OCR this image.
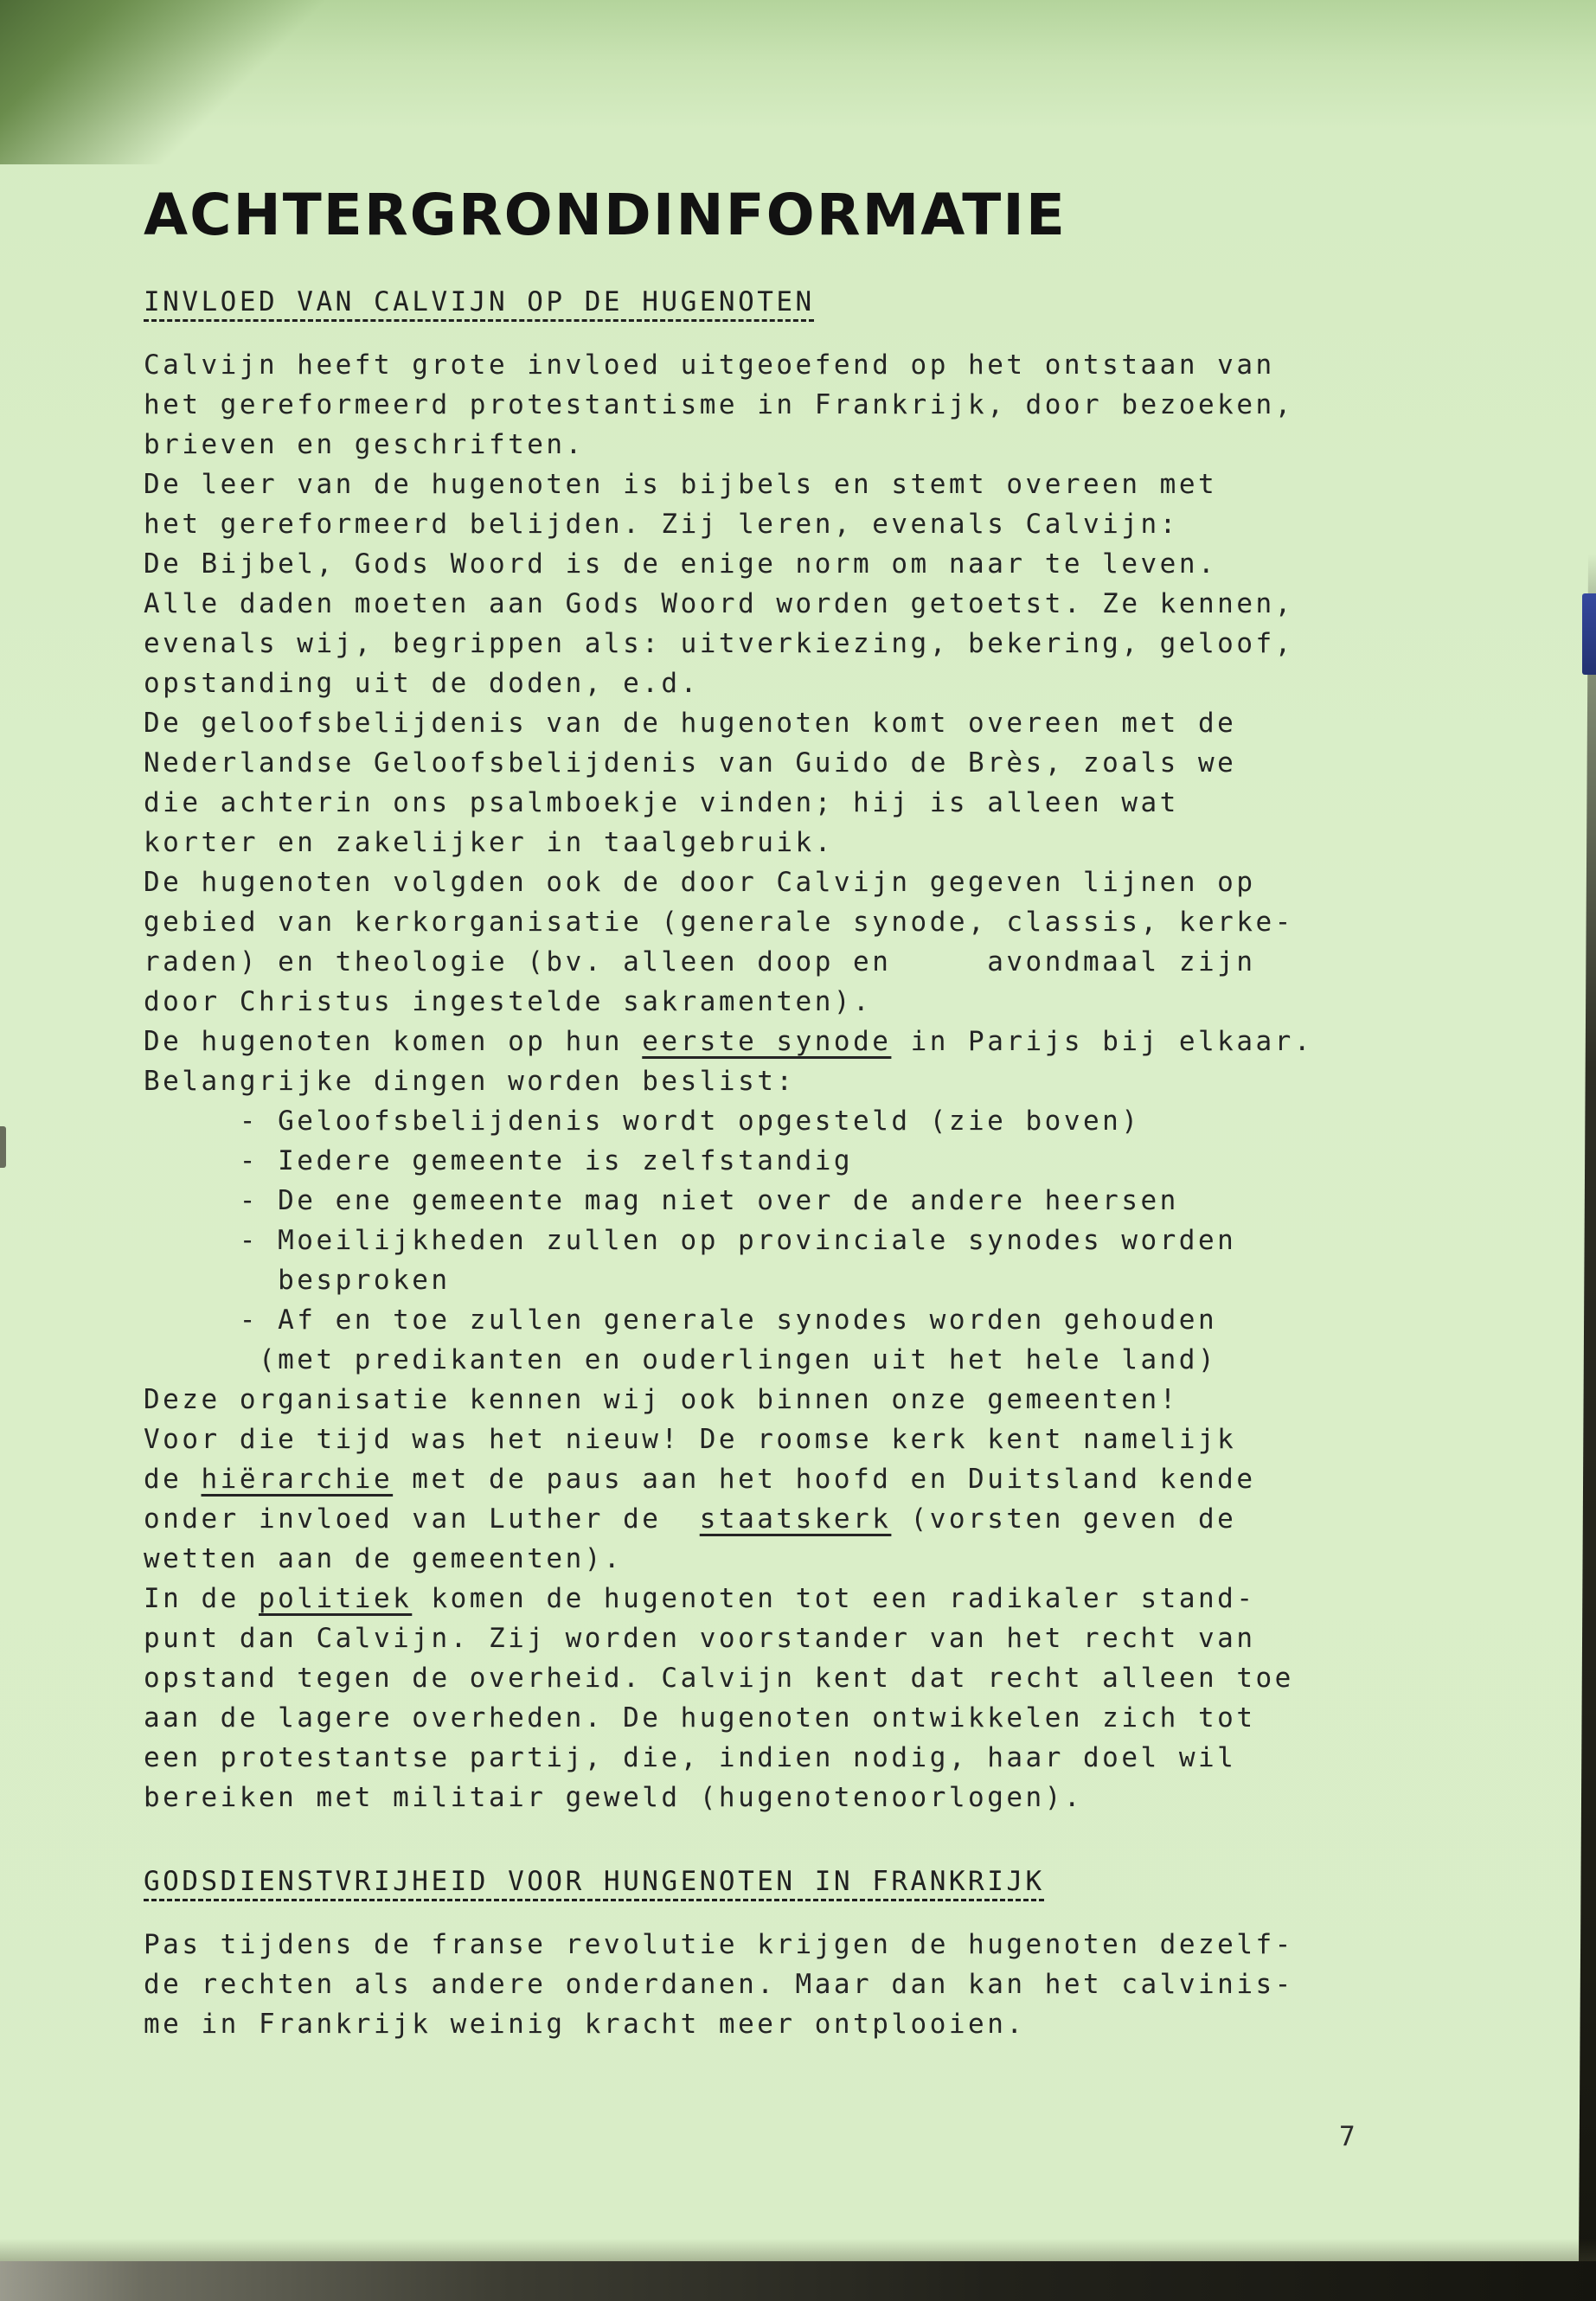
ACHTERGRONDINFORMATIE
INVLOED VAN CALVIJN OP DE HUGENOTEN
Calvijn heeft grote invloed uitgeoefend op het ontstaan van
het gereformeerd protestantisme in Frankrijk, door bezoeken,
brieven en geschriften.
De leer van de hugenoten is bijbels en stemt overeen met
het gereformeerd belijden. Zij leren, evenals Calvijn:
De Bijbel, Gods Woord is de enige norm om naar te leven.
Alle daden moeten aan Gods Woord worden getoetst. Ze kennen,
evenals wij, begrippen als: uitverkiezing, bekering, geloof,
opstanding uit de doden, e.d.
De geloofsbelijdenis van de hugenoten komt overeen met de
Nederlandse Geloofsbelijdenis van Guido de Brès, zoals we
die achterin ons psalmboekje vinden; hij is alleen wat
korter en zakelijker in taalgebruik.
De hugenoten volgden ook de door Calvijn gegeven lijnen op
gebied van kerkorganisatie (generale synode, classis, kerke-
raden) en theologie (bv. alleen doop en     avondmaal zijn
door Christus ingestelde sakramenten).
De hugenoten komen op hun eerste synode in Parijs bij elkaar.
Belangrijke dingen worden beslist:
- Geloofsbelijdenis wordt opgesteld (zie boven)
- Iedere gemeente is zelfstandig
- De ene gemeente mag niet over de andere heersen
- Moeilijkheden zullen op provinciale synodes worden
besproken
- Af en toe zullen generale synodes worden gehouden
(met predikanten en ouderlingen uit het hele land)
Deze organisatie kennen wij ook binnen onze gemeenten!
Voor die tijd was het nieuw! De roomse kerk kent namelijk
de hiërarchie met de paus aan het hoofd en Duitsland kende
onder invloed van Luther de  staatskerk (vorsten geven de
wetten aan de gemeenten).
In de politiek komen de hugenoten tot een radikaler stand-
punt dan Calvijn. Zij worden voorstander van het recht van
opstand tegen de overheid. Calvijn kent dat recht alleen toe
aan de lagere overheden. De hugenoten ontwikkelen zich tot
een protestantse partij, die, indien nodig, haar doel wil
bereiken met militair geweld (hugenotenoorlogen).
GODSDIENSTVRIJHEID VOOR HUNGENOTEN IN FRANKRIJK
Pas tijdens de franse revolutie krijgen de hugenoten dezelf-
de rechten als andere onderdanen. Maar dan kan het calvinis-
me in Frankrijk weinig kracht meer ontplooien.
7
